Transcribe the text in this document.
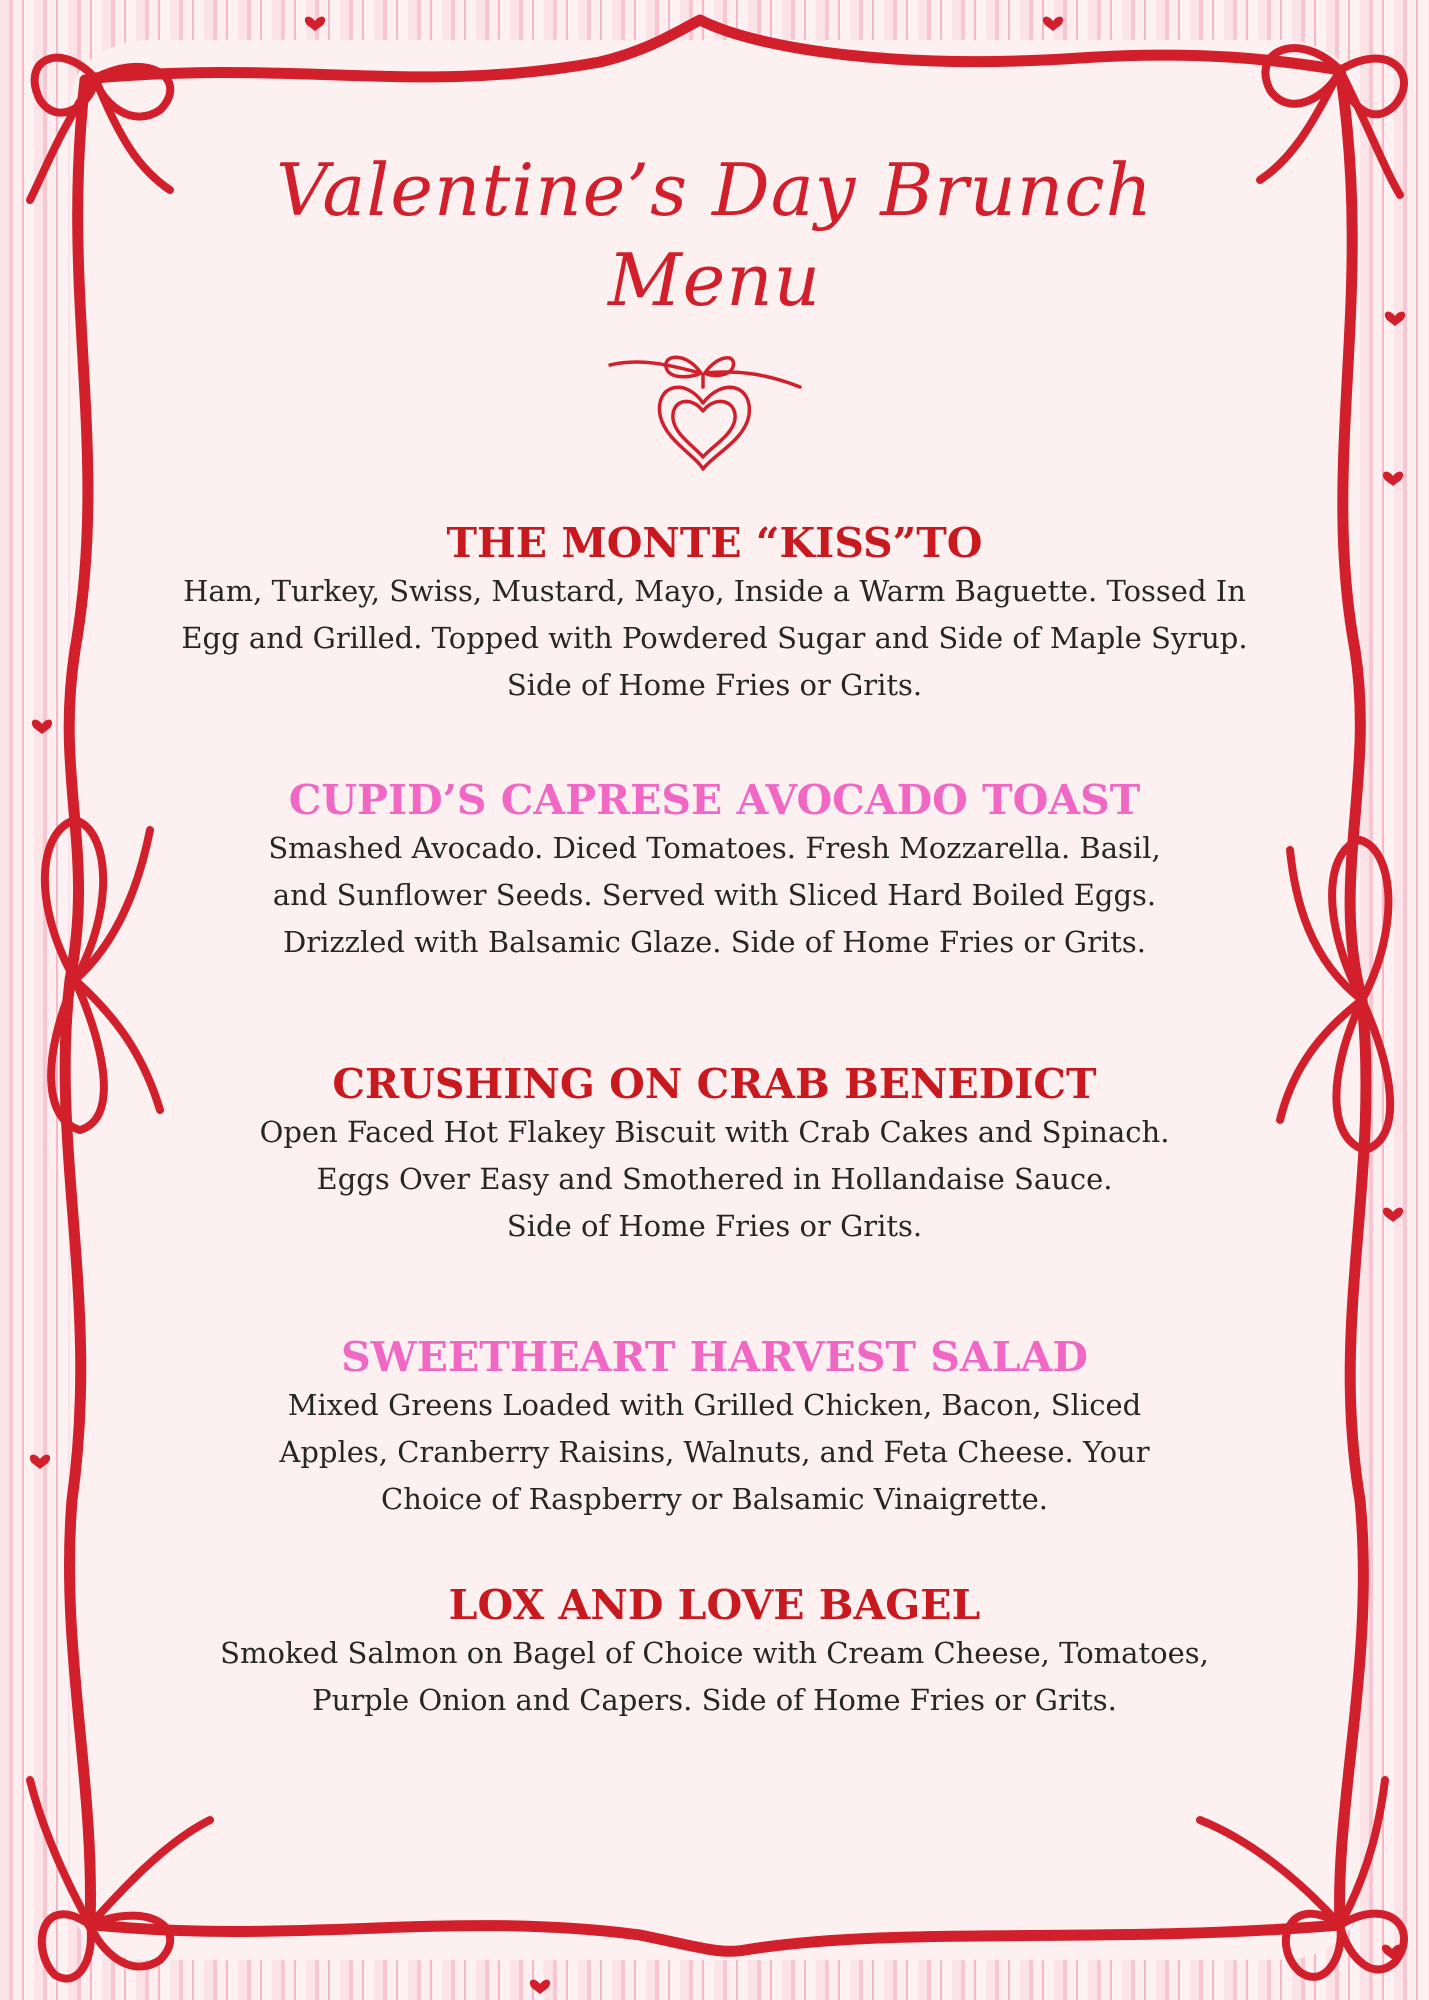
Valentine’s Day Brunch
Menu
THE MONTE “KISS”TO
Ham, Turkey, Swiss, Mustard, Mayo, Inside a Warm Baguette. Tossed In
Egg and Grilled. Topped with Powdered Sugar and Side of Maple Syrup.
Side of Home Fries or Grits.
CUPID’S CAPRESE AVOCADO TOAST
Smashed Avocado. Diced Tomatoes. Fresh Mozzarella. Basil,
and Sunflower Seeds. Served with Sliced Hard Boiled Eggs.
Drizzled with Balsamic Glaze. Side of Home Fries or Grits.
CRUSHING ON CRAB BENEDICT
Open Faced Hot Flakey Biscuit with Crab Cakes and Spinach.
Eggs Over Easy and Smothered in Hollandaise Sauce.
Side of Home Fries or Grits.
SWEETHEART HARVEST SALAD
Mixed Greens Loaded with Grilled Chicken, Bacon, Sliced
Apples, Cranberry Raisins, Walnuts, and Feta Cheese. Your
Choice of Raspberry or Balsamic Vinaigrette.
LOX AND LOVE BAGEL
Smoked Salmon on Bagel of Choice with Cream Cheese, Tomatoes,
Purple Onion and Capers. Side of Home Fries or Grits.
